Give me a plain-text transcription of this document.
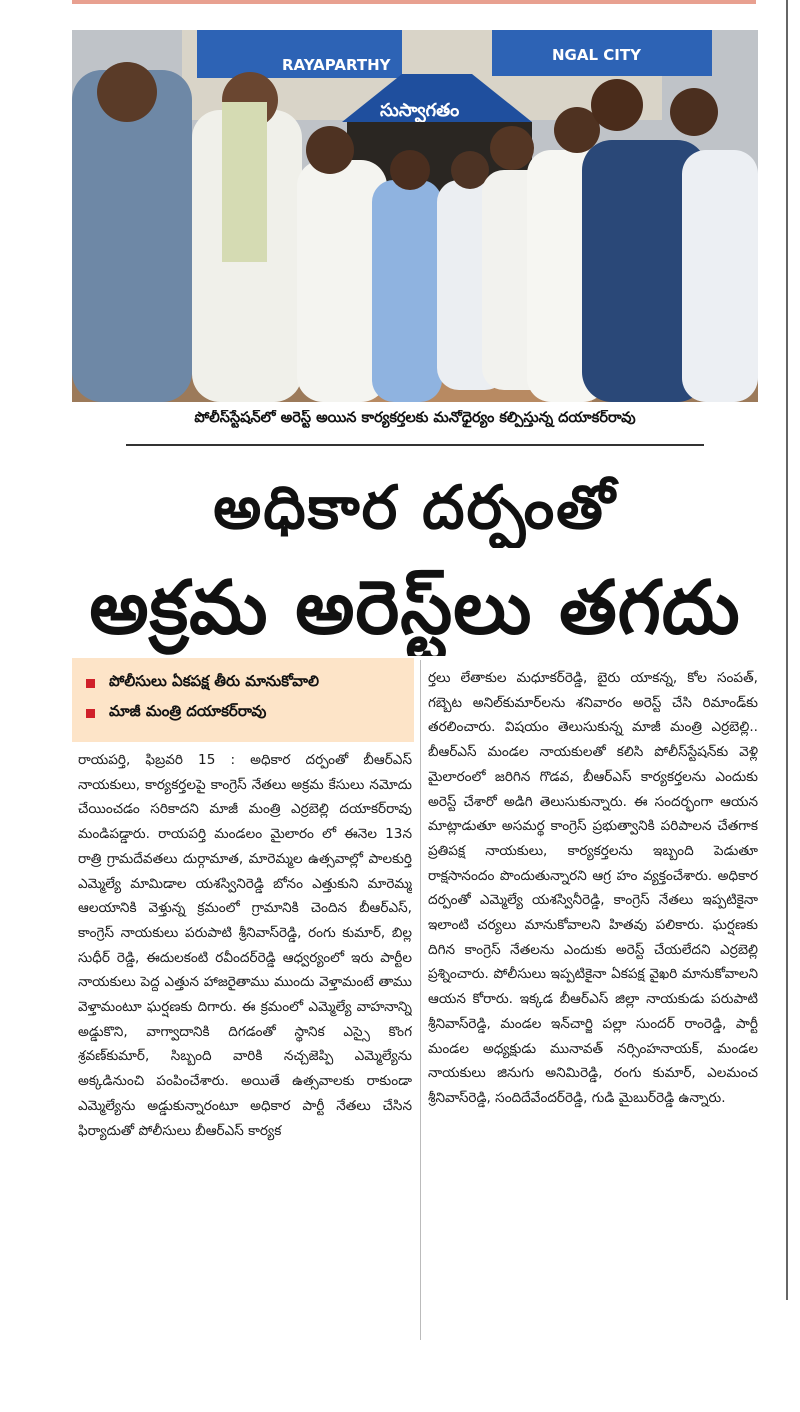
RAYAPARTHY
NGAL CITY
సుస్వాగతం
పోలీస్‌స్టేషన్‌లో అరెస్ట్‌ అయిన కార్యకర్తలకు మనోధైర్యం కల్పిస్తున్న దయాకర్‌రావు
అధికార దర్పంతో
అక్రమ అరెస్ట్‌లు తగదు
పోలీసులు ఏకపక్ష తీరు మానుకోవాలి
మాజీ మంత్రి దయాకర్‌రావు
రాయపర్తి, ఫిబ్రవరి 15 : అధికార దర్పంతో బీఆర్‌ఎస్‌ నాయకులు, కార్యకర్తలపై కాంగ్రెస్‌ నేతలు అక్రమ కేసులు నమోదు చేయించడం సరికాదని మాజీ మంత్రి ఎర్రబెల్లి దయాకర్‌రావు మండిపడ్డారు. రాయపర్తి మండలం మైలారం లో ఈనెల 13న రాత్రి గ్రామదేవతలు దుర్గామాత, మారెమ్మల ఉత్సవాల్లో పాలకుర్తి ఎమ్మెల్యే మామిడాల యశస్వినిరెడ్డి బోనం ఎత్తుకుని మారెమ్మ ఆలయానికి వెళ్తున్న క్రమంలో గ్రామానికి చెందిన బీఆర్‌ఎస్‌, కాంగ్రెస్‌ నాయకులు పరుపాటి శ్రీనివాస్‌రెడ్డి, రంగు కుమార్‌, బిల్ల సుధీర్‌ రెడ్డి, ఈదులకంటి రవీందర్‌రెడ్డి ఆధ్వర్యంలో ఇరు పార్టీల నాయకులు పెద్ద ఎత్తున హాజరైతాము ముందు వెళ్తామంటే తాము వెళ్తామంటూ ఘర్షణకు దిగారు. ఈ క్రమంలో ఎమ్మెల్యే వాహనాన్ని అడ్డుకొని, వాగ్వాదానికి దిగడంతో స్థానిక ఎస్సై కొంగ శ్రవణ్‌కుమార్‌, సిబ్బంది వారికి నచ్చజెప్పి ఎమ్మెల్యేను అక్కడినుంచి పంపించేశారు. అయితే ఉత్సవాలకు రాకుండా ఎమ్మెల్యేను అడ్డుకున్నారంటూ అధికార పార్టీ నేతలు చేసిన ఫిర్యాదుతో పోలీసులు బీఆర్‌ఎస్‌ కార్యక
ర్తలు లేతాకుల మధూకర్‌రెడ్డి, బైరు యాకన్న, కోల సంపత్‌, గబ్బెట అనిల్‌కుమార్‌లను శనివారం అరెస్ట్‌ చేసి రిమాండ్‌కు తరలించారు. విషయం తెలుసుకున్న మాజీ మంత్రి ఎర్రబెల్లి.. బీఆర్‌ఎస్‌ మండల నాయకులతో కలిసి పోలీస్‌స్టేషన్‌కు వెళ్లి మైలారంలో జరిగిన గొడవ, బీఆర్‌ఎస్‌ కార్యకర్తలను ఎందుకు అరెస్ట్‌ చేశారో అడిగి తెలుసుకున్నారు. ఈ సందర్భంగా ఆయన మాట్లాడుతూ అసమర్థ కాంగ్రెస్‌ ప్రభుత్వానికి పరిపాలన చేతగాక ప్రతిపక్ష నాయకులు, కార్యకర్తలను ఇబ్బంది పెడుతూ రాక్షసానందం పొందుతున్నారని ఆగ్ర హం వ్యక్తంచేశారు. అధికార దర్పంతో ఎమ్మెల్యే యశస్వినీరెడ్డి, కాంగ్రెస్‌ నేతలు ఇప్పటికైనా ఇలాంటి చర్యలు మానుకోవాలని హితవు పలికారు. ఘర్షణకు దిగిన కాంగ్రెస్‌ నేతలను ఎందుకు అరెస్ట్‌ చేయలేదని ఎర్రబెల్లి ప్రశ్నించారు. పోలీసులు ఇప్పటికైనా ఏకపక్ష వైఖరి మానుకోవాలని ఆయన కోరారు. ఇక్కడ బీఆర్‌ఎస్‌ జిల్లా నాయకుడు పరుపాటి శ్రీనివాస్‌రెడ్డి, మండల ఇన్‌చార్జి పల్లా సుందర్‌ రాంరెడ్డి, పార్టీ మండల అధ్యక్షుడు మునావత్‌ నర్సింహనాయక్‌, మండల నాయకులు జినుగు అనిమిరెడ్డి, రంగు కుమార్‌, ఎలమంచ శ్రీనివాస్‌రెడ్డి, సందిదేవేందర్‌రెడ్డి, గుడి మైబుర్‌రెడ్డి ఉన్నారు.
